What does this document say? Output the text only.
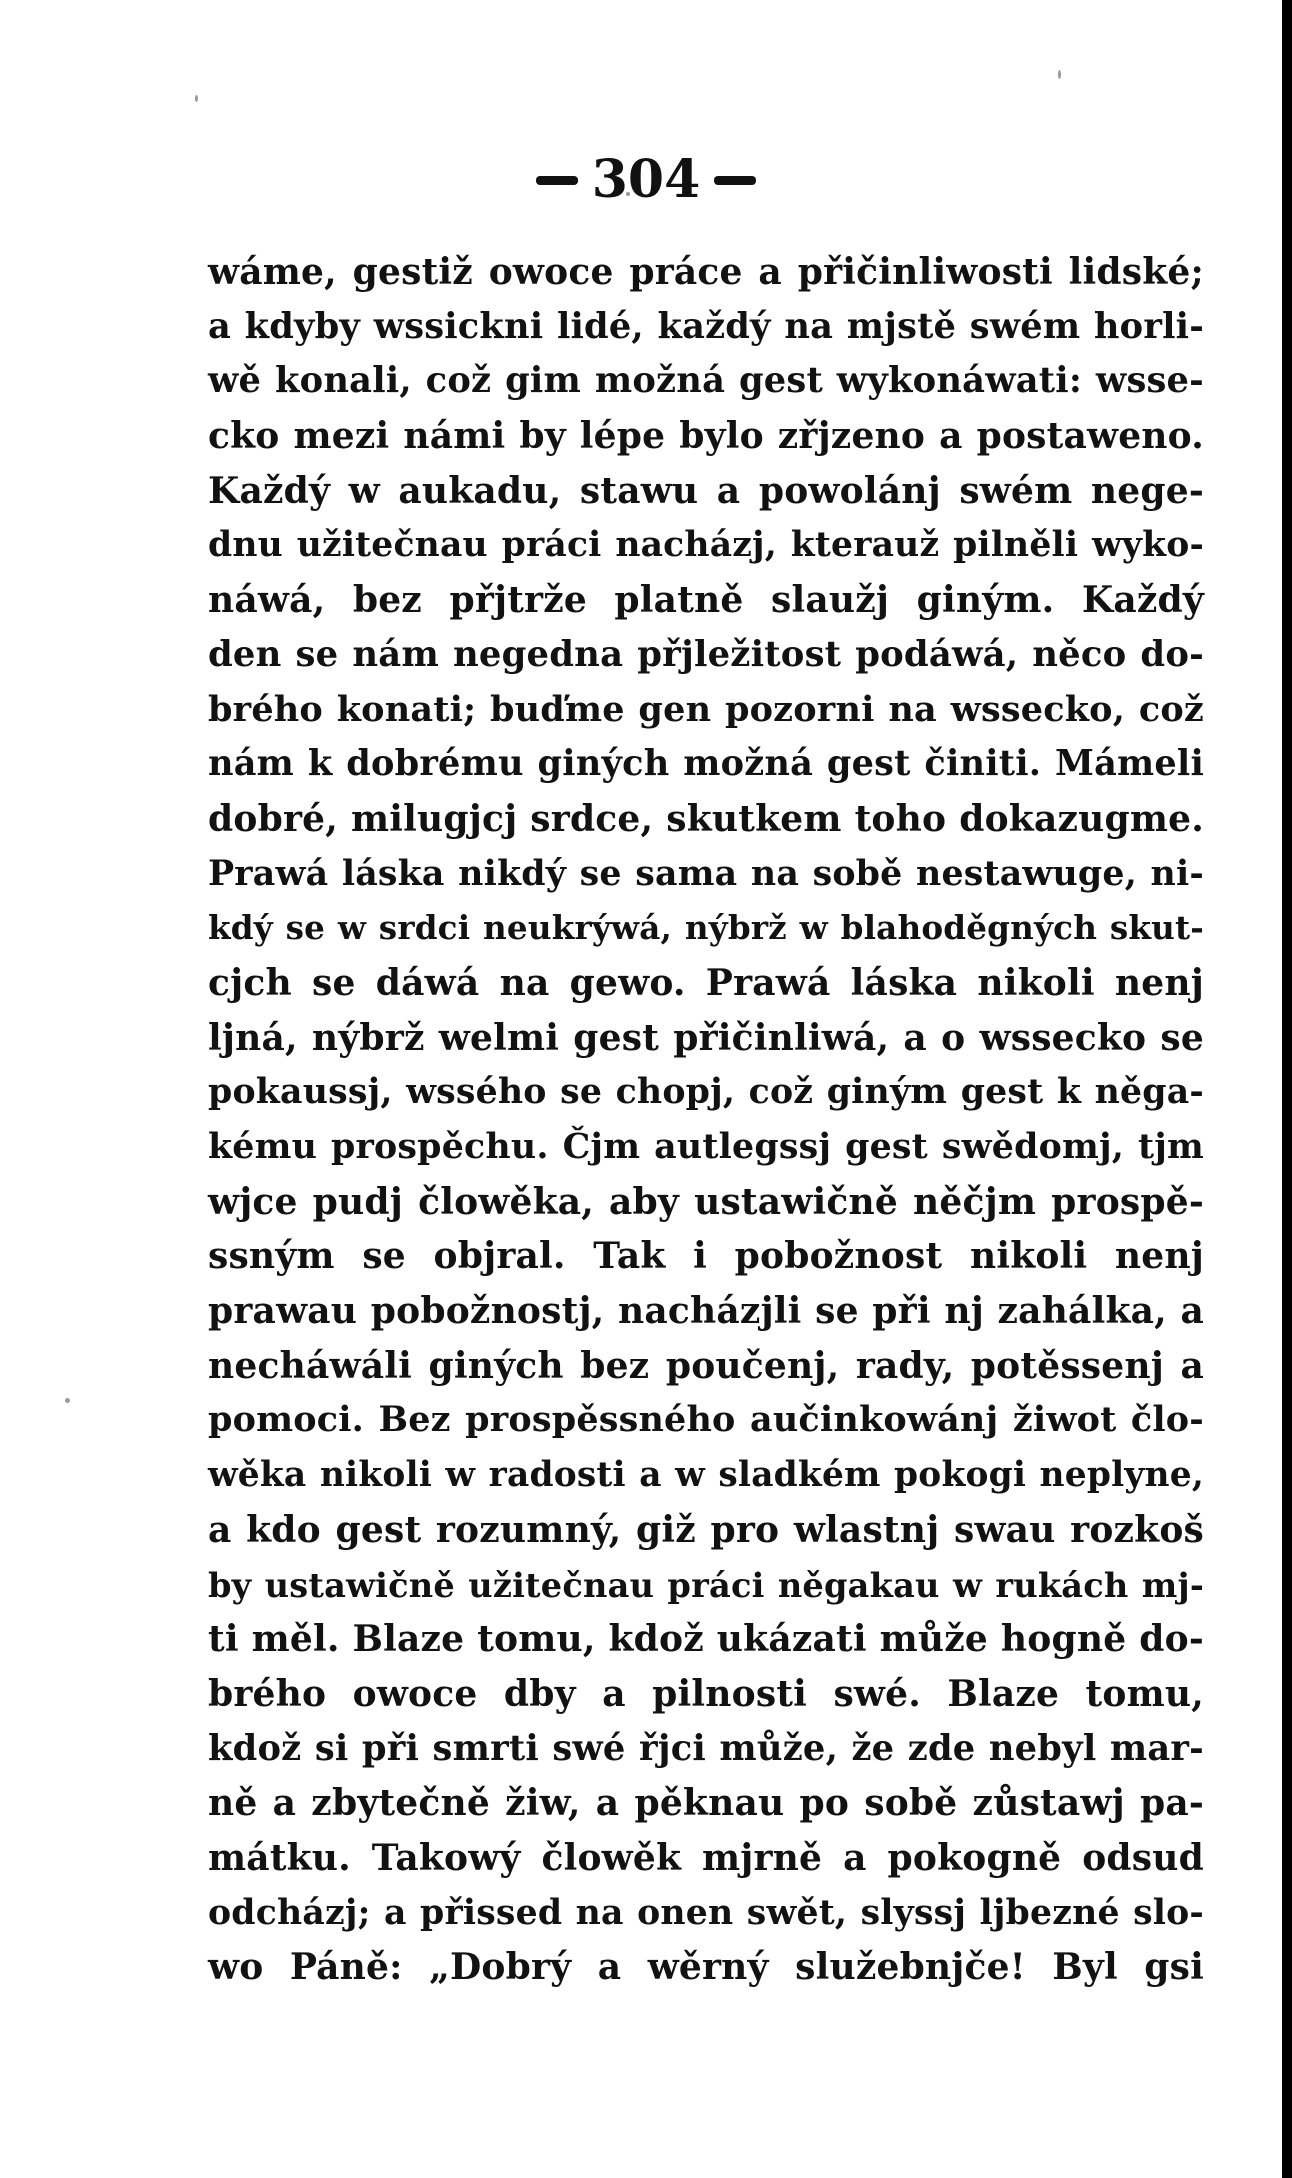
304
wáme, gestiž owoce práce a přičinliwosti lidské;
a kdyby wssickni lidé, každý na mjstě swém horli-
wě konali, což gim možná gest wykonáwati: wsse-
cko mezi námi by lépe bylo zřjzeno a postaweno.
Každý w aukadu, stawu a powolánj swém nege-
dnu užitečnau práci nacházj, kterauž pilněli wyko-
náwá, bez přjtrže platně slaužj giným. Každý
den se nám negedna přjležitost podáwá, něco do-
brého konati; buďme gen pozorni na wssecko, což
nám k dobrému giných možná gest činiti. Mámeli
dobré, milugjcj srdce, skutkem toho dokazugme.
Prawá láska nikdý se sama na sobě nestawuge, ni-
kdý se w srdci neukrýwá, nýbrž w blahoděgných skut-
cjch se dáwá na gewo. Prawá láska nikoli nenj
ljná, nýbrž welmi gest přičinliwá, a o wssecko se
pokaussj, wssého se chopj, což giným gest k něga-
kému prospěchu. Čjm autlegssj gest swědomj, tjm
wjce pudj člowěka, aby ustawičně něčjm prospě-
ssným se objral. Tak i pobožnost nikoli nenj
prawau pobožnostj, nacházjli se při nj zahálka, a
necháwáli giných bez poučenj, rady, potěssenj a
pomoci. Bez prospěssného aučinkowánj žiwot člo-
wěka nikoli w radosti a w sladkém pokogi neplyne,
a kdo gest rozumný, giž pro wlastnj swau rozkoš
by ustawičně užitečnau práci něgakau w rukách mj-
ti měl. Blaze tomu, kdož ukázati může hogně do-
brého owoce dby a pilnosti swé. Blaze tomu,
kdož si při smrti swé řjci může, že zde nebyl mar-
ně a zbytečně žiw, a pěknau po sobě zůstawj pa-
mátku. Takowý člowěk mjrně a pokogně odsud
odcházj; a přissed na onen swět, slyssj ljbezné slo-
wo Páně: „Dobrý a wěrný služebnjče! Byl gsi
